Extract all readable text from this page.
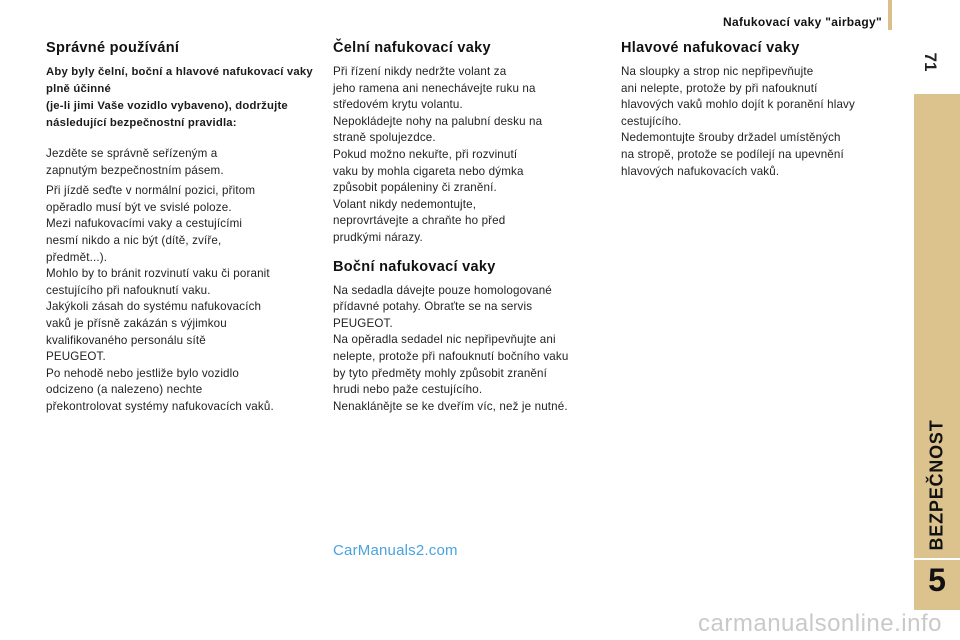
Nafukovací vaky "airbagy"
71
BEZPEČNOST
5
Správné používání
Aby byly čelní, boční a hlavové nafukovací vaky plně účinné
(je-li jimi Vaše vozidlo vybaveno), dodržujte následující bezpečnostní pravidla:

Jezděte se správně seřízeným a
zapnutým bezpečnostním pásem.

Při jízdě seďte v normální pozici, přitom
opěradlo musí být ve svislé poloze.
Mezi nafukovacími vaky a cestujícími
nesmí nikdo a nic být (dítě, zvíře,
předmět...).
Mohlo by to bránit rozvinutí vaku či poranit
cestujícího při nafouknutí vaku.
Jakýkoli zásah do systému nafukovacích
vaků je přísně zakázán s výjimkou
kvalifikovaného personálu sítě
PEUGEOT.
Po nehodě nebo jestliže bylo vozidlo
odcizeno (a nalezeno) nechte
překontrolovat systémy nafukovacích vaků.

Čelní nafukovací vaky

Při řízení nikdy nedržte volant za
jeho ramena ani nenechávejte ruku na
středovém krytu volantu.
Nepokládejte nohy na palubní desku na
straně spolujezdce.
Pokud možno nekuřte, při rozvinutí
vaku by mohla cigareta nebo dýmka
způsobit popáleniny či zranění.
Volant nikdy nedemontujte,
neprovrtávejte a chraňte ho před
prudkými nárazy.

Boční nafukovací vaky

Na sedadla dávejte pouze homologované
přídavné potahy. Obraťte se na servis
PEUGEOT.
Na opěradla sedadel nic nepřipevňujte ani
nelepte, protože při nafouknutí bočního vaku
by tyto předměty mohly způsobit zranění
hrudi nebo paže cestujícího.
Nenaklánějte se ke dveřím víc, než je nutné.

Hlavové nafukovací vaky

Na sloupky a strop nic nepřipevňujte
ani nelepte, protože by při nafouknutí
hlavových vaků mohlo dojít k poranění hlavy
cestujícího.
Nedemontujte šrouby držadel umístěných
na stropě, protože se podílejí na upevnění
hlavových nafukovacích vaků.

CarManuals2.com
carmanualsonline.info
